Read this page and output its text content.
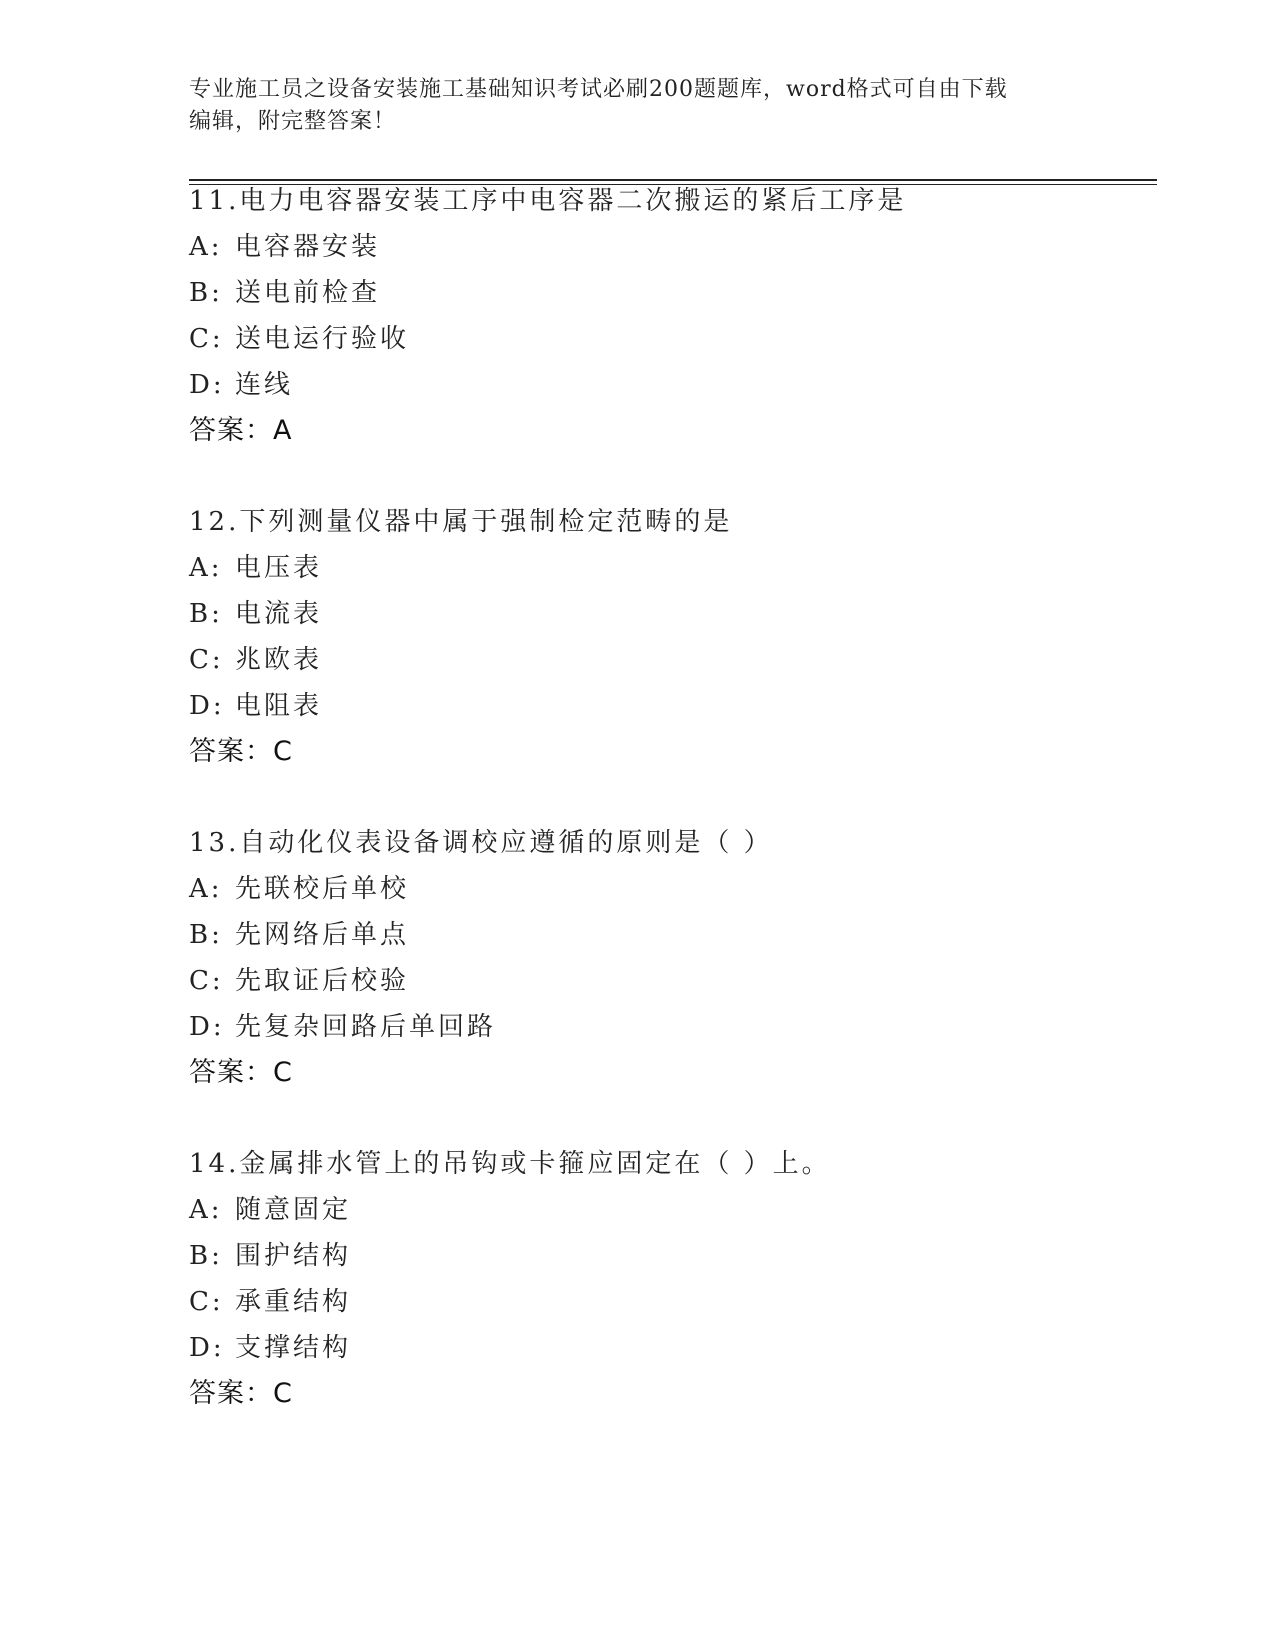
专业施工员之设备安装施工基础知识考试必刷200题题库，word格式可自由下载
编辑，附完整答案！
11.电力电容器安装工序中电容器二次搬运的紧后工序是
A: 电容器安装
B: 送电前检查
C: 送电运行验收
D: 连线
答案：A
12.下列测量仪器中属于强制检定范畴的是
A: 电压表
B: 电流表
C: 兆欧表
D: 电阻表
答案：C
13.自动化仪表设备调校应遵循的原则是（ ）
A: 先联校后单校
B: 先网络后单点
C: 先取证后校验
D: 先复杂回路后单回路
答案：C
14.金属排水管上的吊钩或卡箍应固定在（ ）上。
A: 随意固定
B: 围护结构
C: 承重结构
D: 支撑结构
答案：C
